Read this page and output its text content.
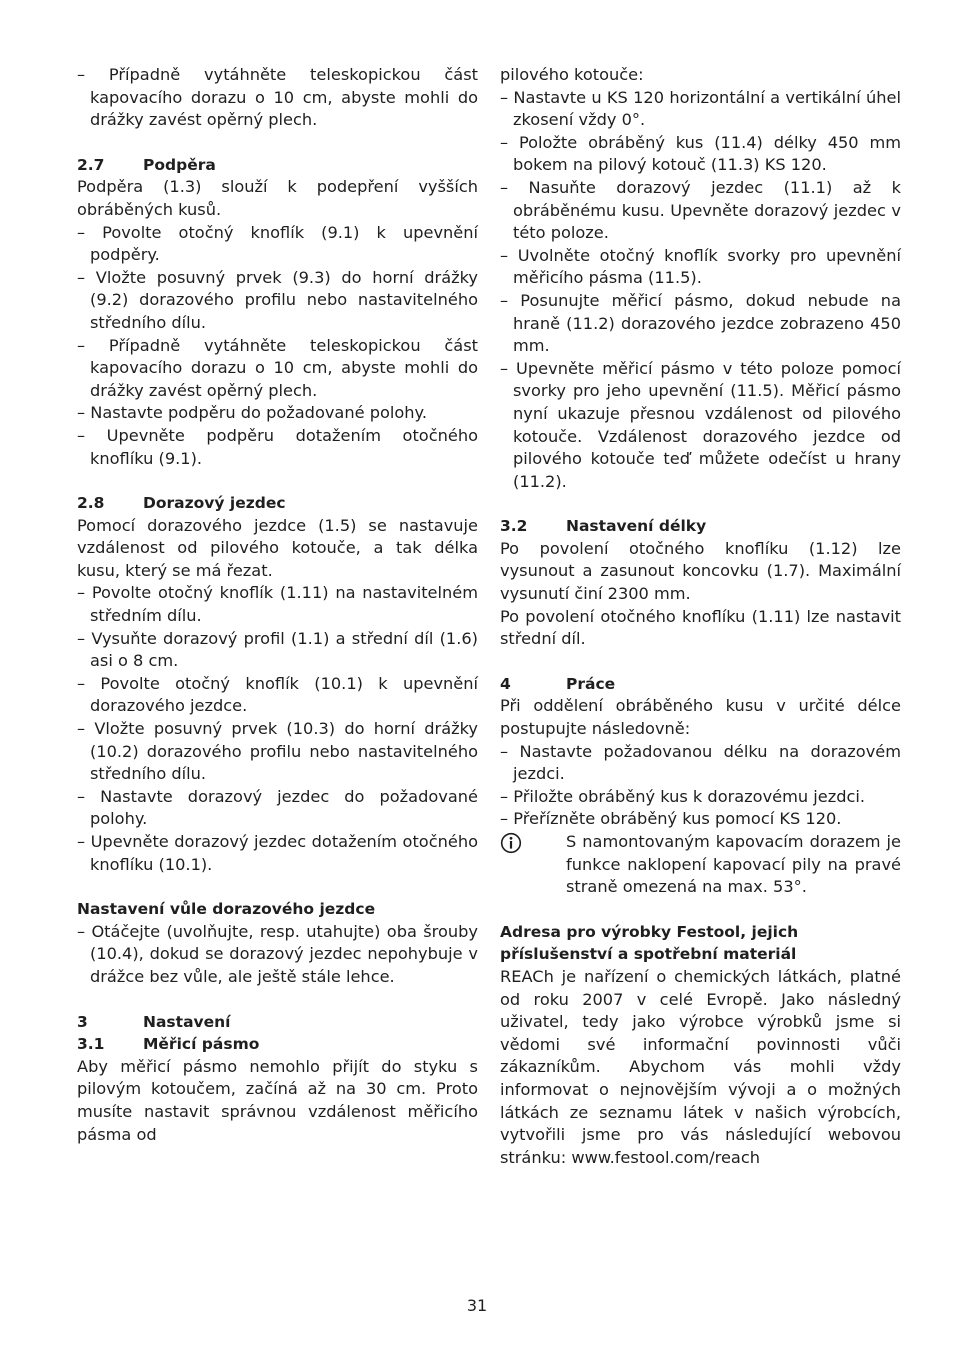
– Případně vytáhněte teleskopickou část kapovacího dorazu o 10 cm, abyste mohli do drážky zavést opěrný plech.

2.7	Podpěra

Podpěra (1.3) slouží k podepření vyšších obráběných kusů.

– Povolte otočný knoflík (9.1) k upevnění podpěry.

– Vložte posuvný prvek (9.3) do horní drážky (9.2) dorazového profilu nebo nastavitelného středního dílu.

– Případně vytáhněte teleskopickou část kapovacího dorazu o 10 cm, abyste mohli do drážky zavést opěrný plech.

– Nastavte podpěru do požadované polohy.

– Upevněte podpěru dotažením otočného knoflíku (9.1).

2.8	Dorazový jezdec

Pomocí dorazového jezdce (1.5) se nastavuje vzdálenost od pilového kotouče, a tak délka kusu, který se má řezat.

– Povolte otočný knoflík (1.11) na nastavitelném středním dílu.

– Vysuňte dorazový profil (1.1) a střední díl (1.6) asi o 8 cm.

– Povolte otočný knoflík (10.1) k upevnění dorazového jezdce.

– Vložte posuvný prvek (10.3) do horní drážky (10.2) dorazového profilu nebo nastavitelného středního dílu.

– Nastavte dorazový jezdec do požadované polohy.

– Upevněte dorazový jezdec dotažením otočného knoflíku (10.1).

Nastavení vůle dorazového jezdce

– Otáčejte (uvolňujte, resp. utahujte) oba šrouby (10.4), dokud se dorazový jezdec nepohybuje v drážce bez vůle, ale ještě stále lehce.

3	Nastavení

3.1	Měřicí pásmo

Aby měřicí pásmo nemohlo přijít do styku s pilovým kotoučem, začíná až na 30 cm. Proto musíte nastavit správnou vzdálenost měřicího pásma od

pilového kotouče:

– Nastavte u KS 120 horizontální a vertikální úhel zkosení vždy 0°.

– Položte obráběný kus (11.4) délky 450 mm bokem na pilový kotouč (11.3) KS 120.

– Nasuňte dorazový jezdec (11.1) až k obráběnému kusu. Upevněte dorazový jezdec v této poloze.

– Uvolněte otočný knoflík svorky pro upevnění měřicího pásma (11.5).

– Posunujte měřicí pásmo, dokud nebude na hraně (11.2) dorazového jezdce zobrazeno 450 mm.

– Upevněte měřicí pásmo v této poloze pomocí svorky pro jeho upevnění (11.5). Měřicí pásmo nyní ukazuje přesnou vzdálenost od pilového kotouče. Vzdálenost dorazového jezdce od pilového kotouče teď můžete odečíst u hrany (11.2).

3.2	Nastavení délky

Po povolení otočného knoflíku (1.12) lze vysunout a zasunout koncovku (1.7). Maximální vysunutí činí 2300 mm.

Po povolení otočného knoflíku (1.11) lze nastavit střední díl.

4	Práce

Při oddělení obráběného kusu v určité délce postupujte následovně:

– Nastavte požadovanou délku na dorazovém jezdci.

– Přiložte obráběný kus k dorazovému jezdci.

– Přeřízněte obráběný kus pomocí KS 120.

S namontovaným kapovacím dorazem je funkce naklopení kapovací pily na pravé straně omezená na max. 53°.

Adresa pro výrobky Festool, jejich příslušenství a spotřební materiál

REACh je nařízení o chemických látkách, platné od roku 2007 v celé Evropě. Jako následný uživatel, tedy jako výrobce výrobků jsme si vědomi své informační povinnosti vůči zákazníkům. Abychom vás mohli vždy informovat o nejnovějším vývoji a o možných látkách ze seznamu látek v našich výrobcích, vytvořili jsme pro vás následující webovou stránku: www.festool.com/reach

31
